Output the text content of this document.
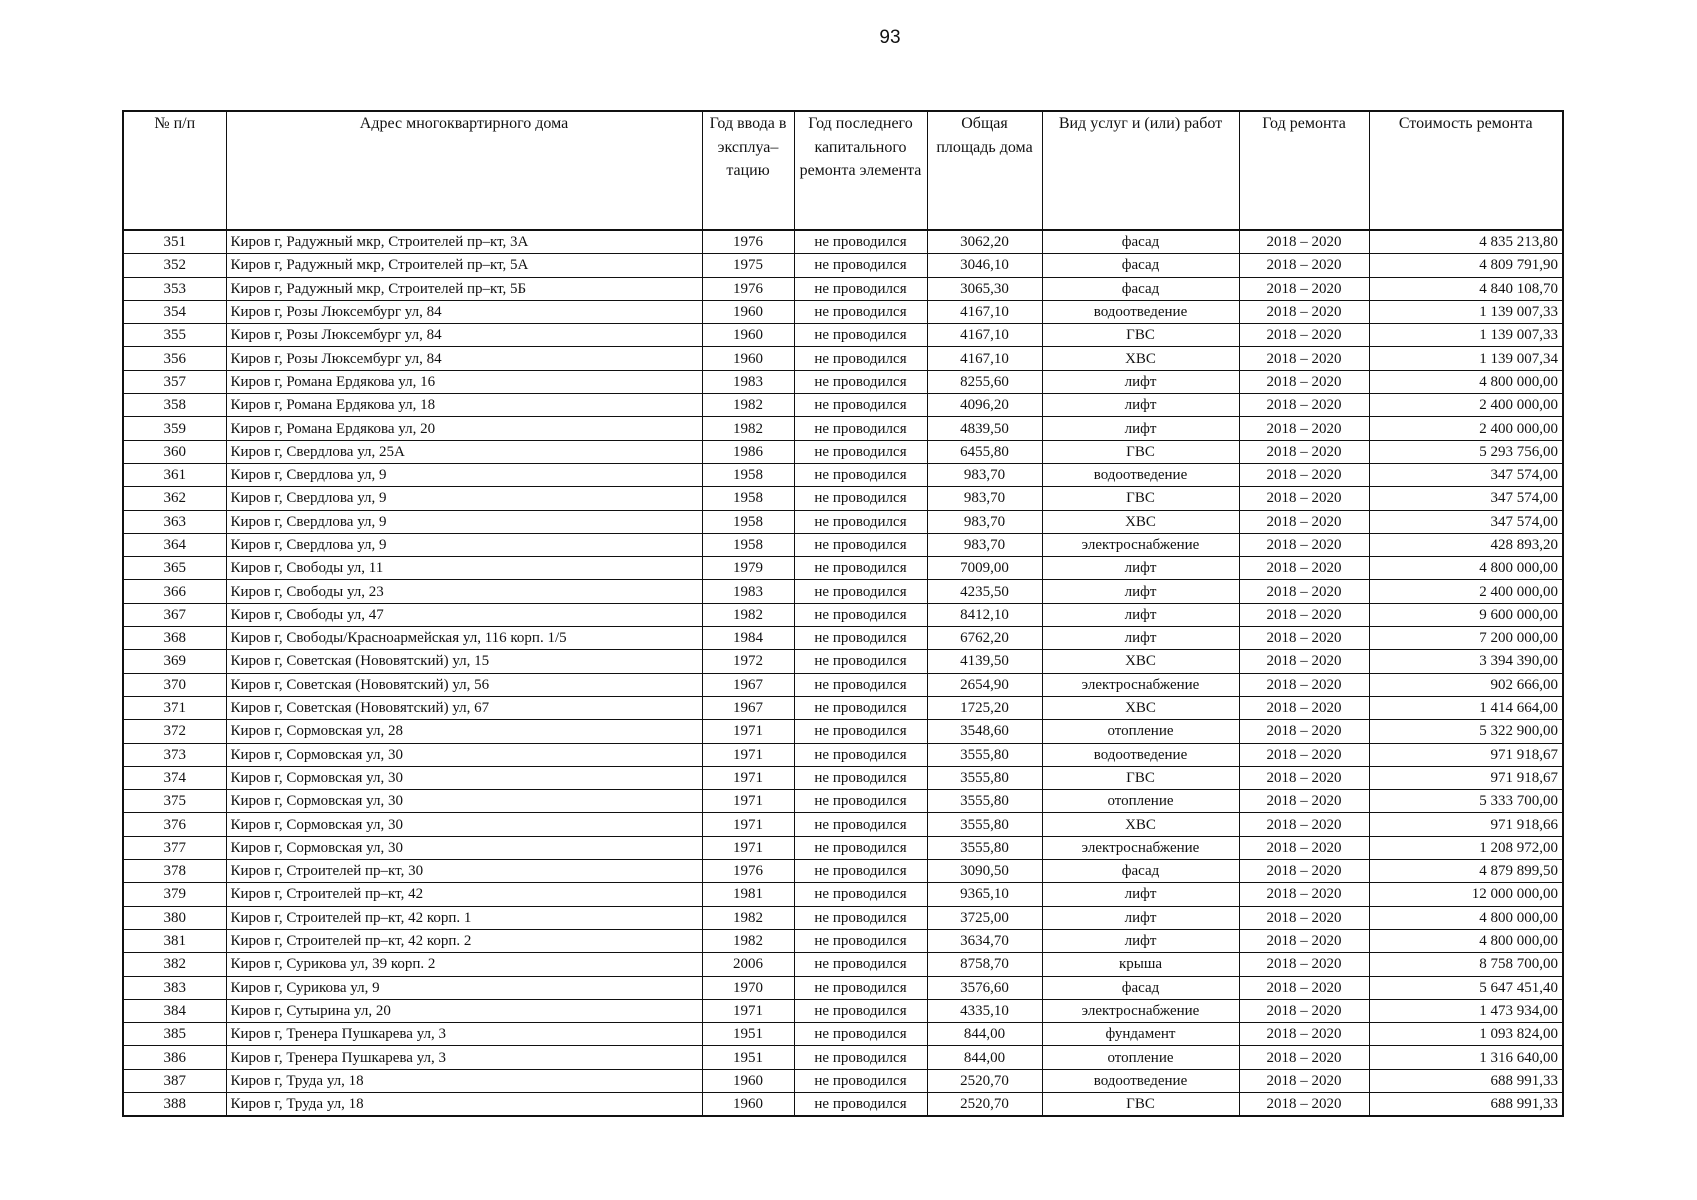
93
№ п/п	Адрес многоквартирного дома	Год ввода в эксплуа–тацию	Год последнего капитального ремонта элемента	Общая площадь дома	Вид услуг и (или) работ	Год ремонта	Стоимость ремонта
351	Киров г, Радужный мкр, Строителей пр–кт, 3А	1976	не проводился	3062,20	фасад	2018 – 2020	4 835 213,80
352	Киров г, Радужный мкр, Строителей пр–кт, 5А	1975	не проводился	3046,10	фасад	2018 – 2020	4 809 791,90
353	Киров г, Радужный мкр, Строителей пр–кт, 5Б	1976	не проводился	3065,30	фасад	2018 – 2020	4 840 108,70
354	Киров г, Розы Люксембург ул, 84	1960	не проводился	4167,10	водоотведение	2018 – 2020	1 139 007,33
355	Киров г, Розы Люксембург ул, 84	1960	не проводился	4167,10	ГВС	2018 – 2020	1 139 007,33
356	Киров г, Розы Люксембург ул, 84	1960	не проводился	4167,10	ХВС	2018 – 2020	1 139 007,34
357	Киров г, Романа Ердякова ул, 16	1983	не проводился	8255,60	лифт	2018 – 2020	4 800 000,00
358	Киров г, Романа Ердякова ул, 18	1982	не проводился	4096,20	лифт	2018 – 2020	2 400 000,00
359	Киров г, Романа Ердякова ул, 20	1982	не проводился	4839,50	лифт	2018 – 2020	2 400 000,00
360	Киров г, Свердлова ул, 25А	1986	не проводился	6455,80	ГВС	2018 – 2020	5 293 756,00
361	Киров г, Свердлова ул, 9	1958	не проводился	983,70	водоотведение	2018 – 2020	347 574,00
362	Киров г, Свердлова ул, 9	1958	не проводился	983,70	ГВС	2018 – 2020	347 574,00
363	Киров г, Свердлова ул, 9	1958	не проводился	983,70	ХВС	2018 – 2020	347 574,00
364	Киров г, Свердлова ул, 9	1958	не проводился	983,70	электроснабжение	2018 – 2020	428 893,20
365	Киров г, Свободы ул, 11	1979	не проводился	7009,00	лифт	2018 – 2020	4 800 000,00
366	Киров г, Свободы ул, 23	1983	не проводился	4235,50	лифт	2018 – 2020	2 400 000,00
367	Киров г, Свободы ул, 47	1982	не проводился	8412,10	лифт	2018 – 2020	9 600 000,00
368	Киров г, Свободы/Красноармейская ул, 116 корп. 1/5	1984	не проводился	6762,20	лифт	2018 – 2020	7 200 000,00
369	Киров г, Советская (Нововятский) ул, 15	1972	не проводился	4139,50	ХВС	2018 – 2020	3 394 390,00
370	Киров г, Советская (Нововятский) ул, 56	1967	не проводился	2654,90	электроснабжение	2018 – 2020	902 666,00
371	Киров г, Советская (Нововятский) ул, 67	1967	не проводился	1725,20	ХВС	2018 – 2020	1 414 664,00
372	Киров г, Сормовская ул, 28	1971	не проводился	3548,60	отопление	2018 – 2020	5 322 900,00
373	Киров г, Сормовская ул, 30	1971	не проводился	3555,80	водоотведение	2018 – 2020	971 918,67
374	Киров г, Сормовская ул, 30	1971	не проводился	3555,80	ГВС	2018 – 2020	971 918,67
375	Киров г, Сормовская ул, 30	1971	не проводился	3555,80	отопление	2018 – 2020	5 333 700,00
376	Киров г, Сормовская ул, 30	1971	не проводился	3555,80	ХВС	2018 – 2020	971 918,66
377	Киров г, Сормовская ул, 30	1971	не проводился	3555,80	электроснабжение	2018 – 2020	1 208 972,00
378	Киров г, Строителей пр–кт, 30	1976	не проводился	3090,50	фасад	2018 – 2020	4 879 899,50
379	Киров г, Строителей пр–кт, 42	1981	не проводился	9365,10	лифт	2018 – 2020	12 000 000,00
380	Киров г, Строителей пр–кт, 42 корп. 1	1982	не проводился	3725,00	лифт	2018 – 2020	4 800 000,00
381	Киров г, Строителей пр–кт, 42 корп. 2	1982	не проводился	3634,70	лифт	2018 – 2020	4 800 000,00
382	Киров г, Сурикова ул, 39 корп. 2	2006	не проводился	8758,70	крыша	2018 – 2020	8 758 700,00
383	Киров г, Сурикова ул, 9	1970	не проводился	3576,60	фасад	2018 – 2020	5 647 451,40
384	Киров г, Сутырина ул, 20	1971	не проводился	4335,10	электроснабжение	2018 – 2020	1 473 934,00
385	Киров г, Тренера Пушкарева ул, 3	1951	не проводился	844,00	фундамент	2018 – 2020	1 093 824,00
386	Киров г, Тренера Пушкарева ул, 3	1951	не проводился	844,00	отопление	2018 – 2020	1 316 640,00
387	Киров г, Труда ул, 18	1960	не проводился	2520,70	водоотведение	2018 – 2020	688 991,33
388	Киров г, Труда ул, 18	1960	не проводился	2520,70	ГВС	2018 – 2020	688 991,33
